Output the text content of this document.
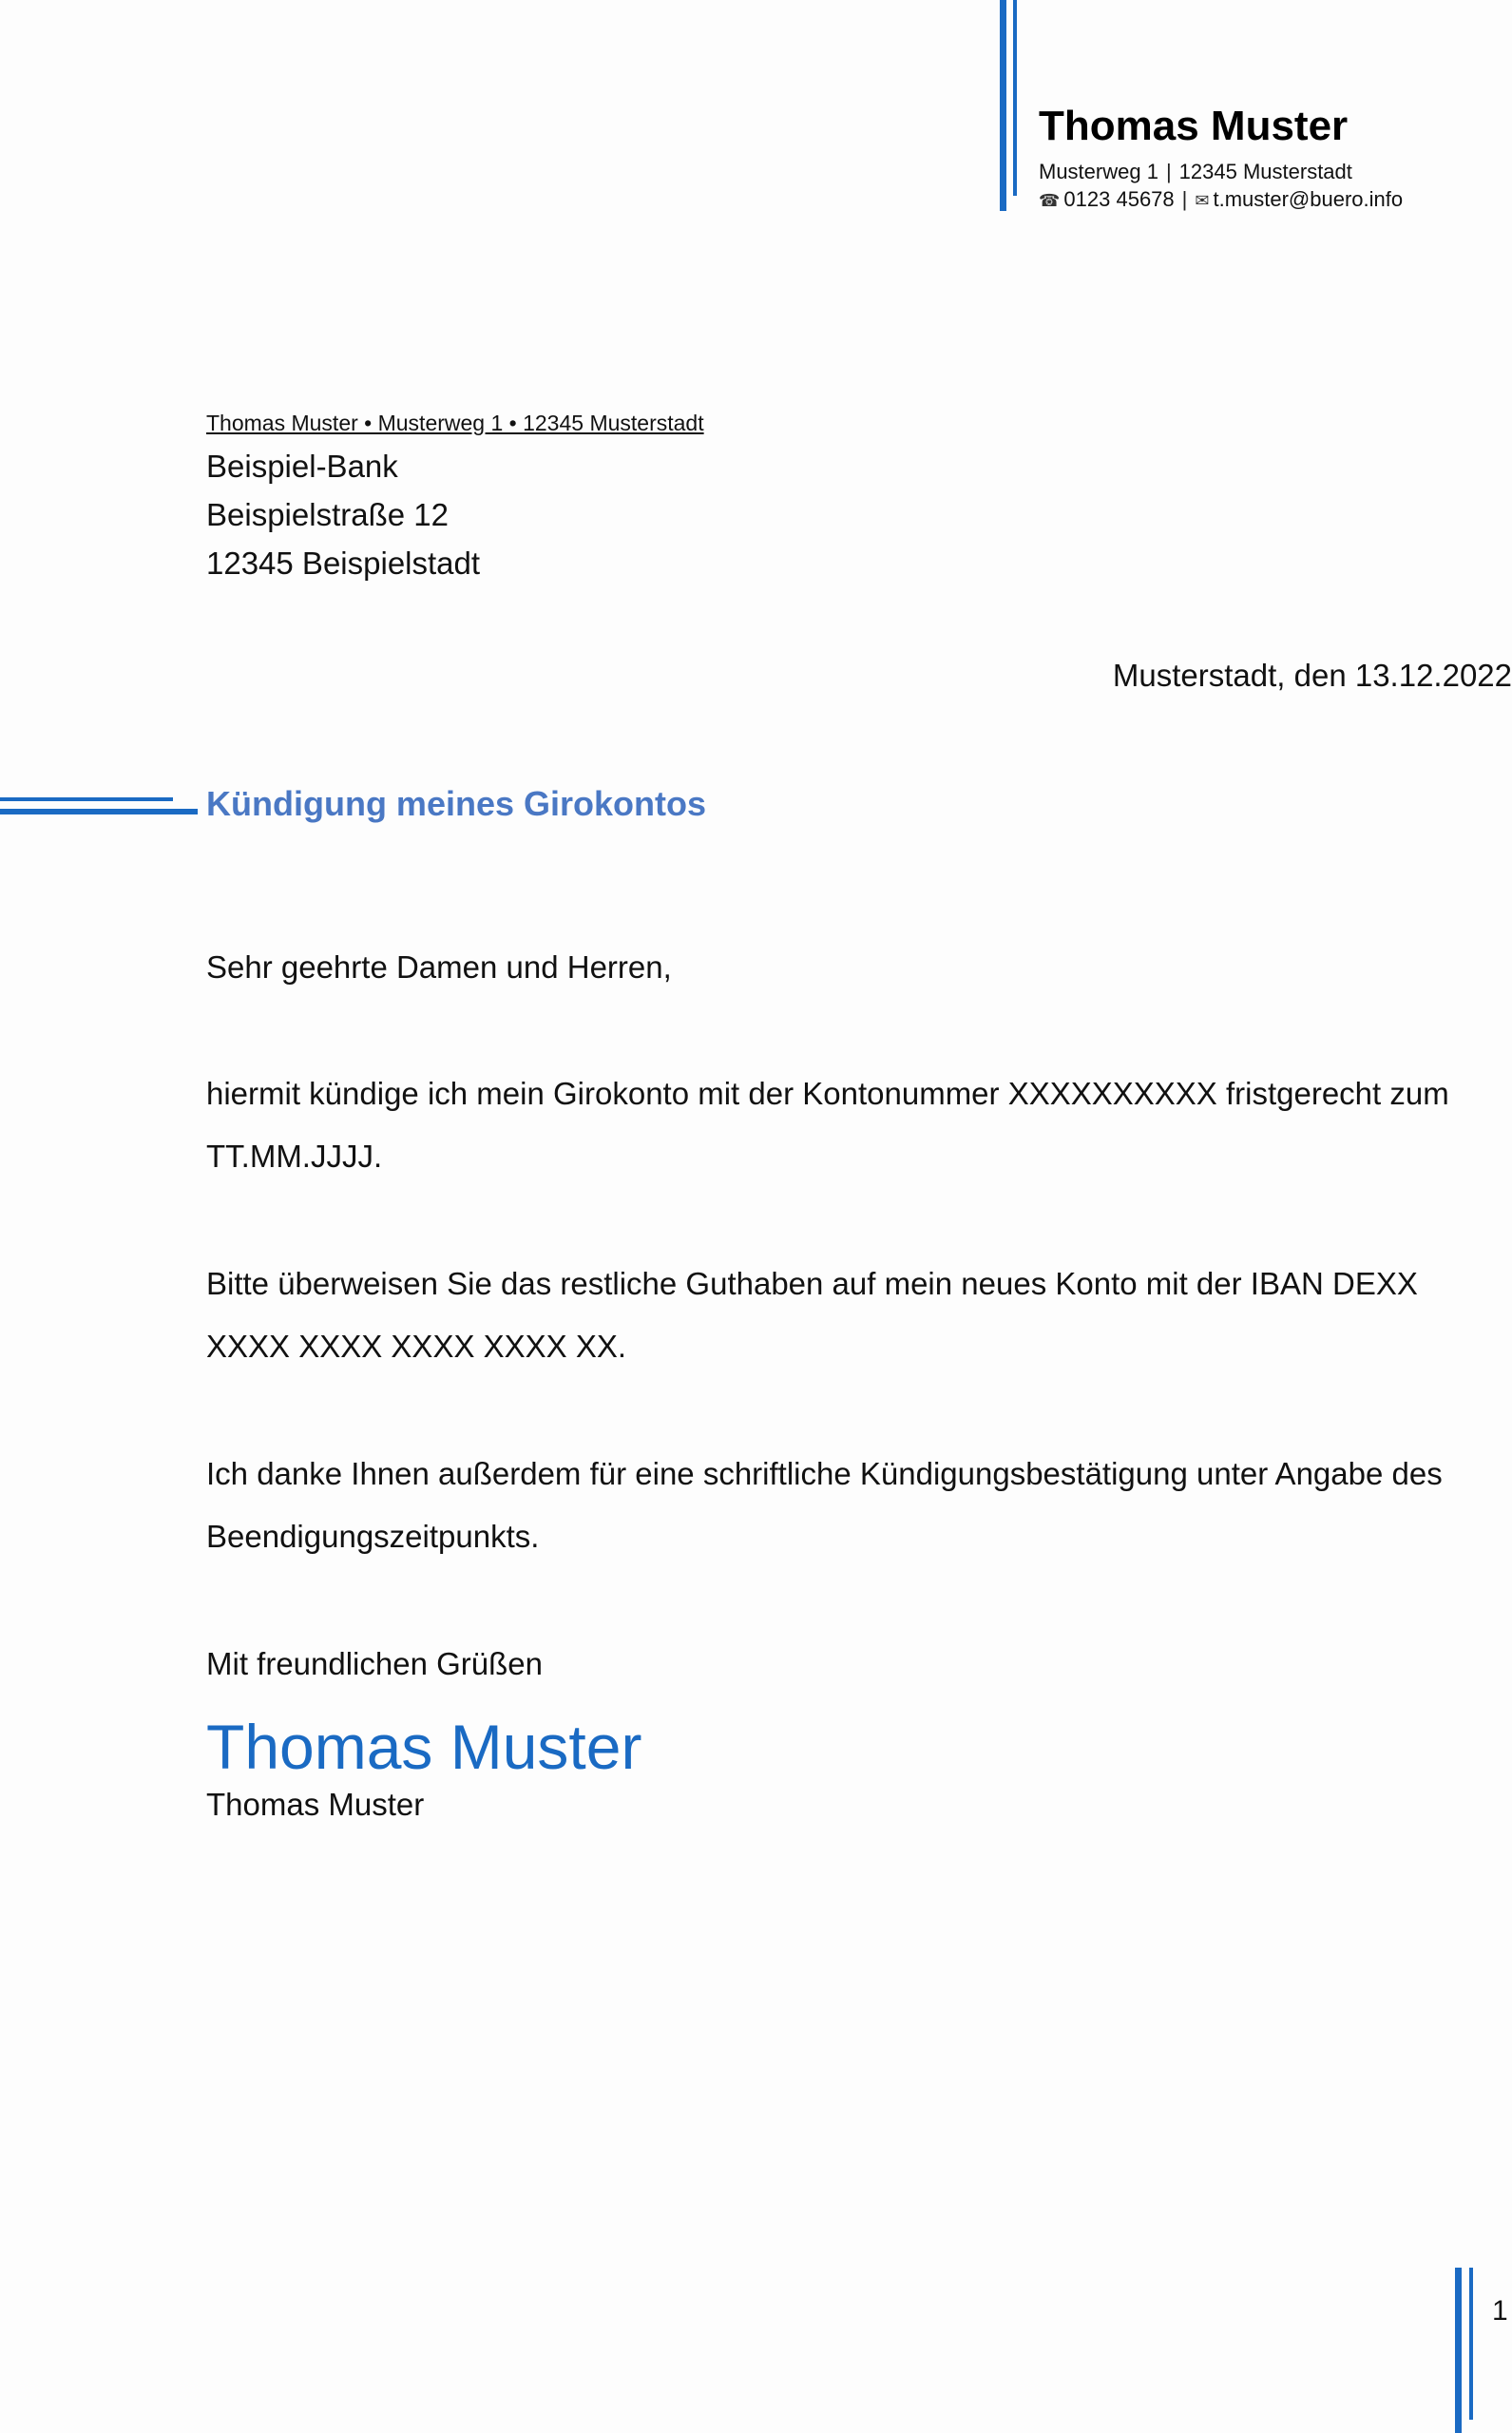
Thomas Muster
Musterweg 1 | 12345 Musterstadt
☎ 0123 45678 | ✉ t.muster@buero.info
Thomas Muster • Musterweg 1 • 12345 Musterstadt
Beispiel-Bank
Beispielstraße 12
12345 Beispielstadt
Musterstadt, den 13.12.2022
Kündigung meines Girokontos
Sehr geehrte Damen und Herren,
hiermit kündige ich mein Girokonto mit der Kontonummer XXXXXXXXXX fristgerecht zum TT.MM.JJJJ.
Bitte überweisen Sie das restliche Guthaben auf mein neues Konto mit der IBAN DEXX XXXX XXXX XXXX XXXX XX.
Ich danke Ihnen außerdem für eine schriftliche Kündigungsbestätigung unter Angabe des Beendigungszeitpunkts.
Mit freundlichen Grüßen
Thomas Muster
Thomas Muster
1
